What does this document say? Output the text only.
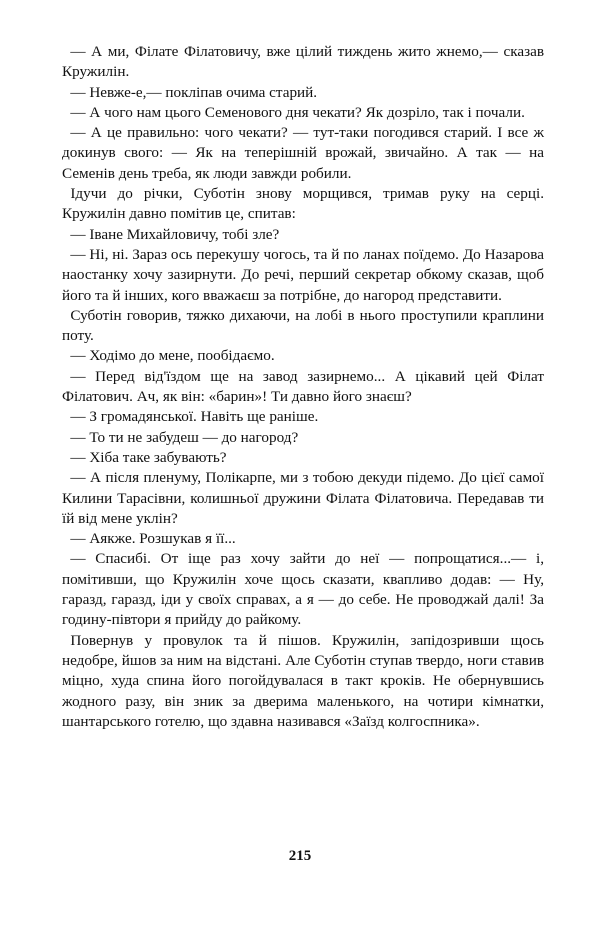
— А ми, Філате Філатовичу, вже цілий тиждень жито жнемо,— сказав Кружилін.

— Невже-е,— покліпав очима старий.

— А чого нам цього Семенового дня чекати? Як дозріло, так і почали.

— А це правильно: чого чекати? — тут-таки погодився старий. І все ж докинув свого: — Як на теперішній врожай, звичайно. А так — на Семенів день треба, як люди завжди робили.

Ідучи до річки, Суботін знову морщився, тримав руку на серці. Кружилін давно помітив це, спитав:

— Іване Михайловичу, тобі зле?

— Ні, ні. Зараз ось перекушу чогось, та й по ланах поїдемо. До Назарова наостанку хочу зазирнути. До речі, перший секретар обкому сказав, щоб його та й інших, кого вважаєш за потрібне, до нагород представити.

Суботін говорив, тяжко дихаючи, на лобі в нього проступили краплини поту.

— Ходімо до мене, пообідаємо.

— Перед від'їздом ще на завод зазирнемо... А цікавий цей Філат Філатович. Ач, як він: «барин»! Ти давно його знаєш?

— З громадянської. Навіть ще раніше.

— То ти не забудеш — до нагород?

— Хіба таке забувають?

— А після пленуму, Полікарпе, ми з тобою декуди підемо. До цієї самої Килини Тарасівни, колишньої дружини Філата Філатовича. Передавав ти їй від мене уклін?

— Аякже. Розшукав я її...

— Спасибі. От іще раз хочу зайти до неї — попрощатися...— і, помітивши, що Кружилін хоче щось сказати, квапливо додав: — Ну, гаразд, гаразд, іди у своїх справах, а я — до себе. Не проводжай далі! За годину-півтори я прийду до райкому.

Повернув у провулок та й пішов. Кружилін, запідозривши щось недобре, йшов за ним на відстані. Але Суботін ступав твердо, ноги ставив міцно, худа спина його погойдувалася в такт кроків. Не обернувшись жодного разу, він зник за дверима маленького, на чотири кімнатки, шантарського готелю, що здавна називався «Заїзд колгоспника».

215
